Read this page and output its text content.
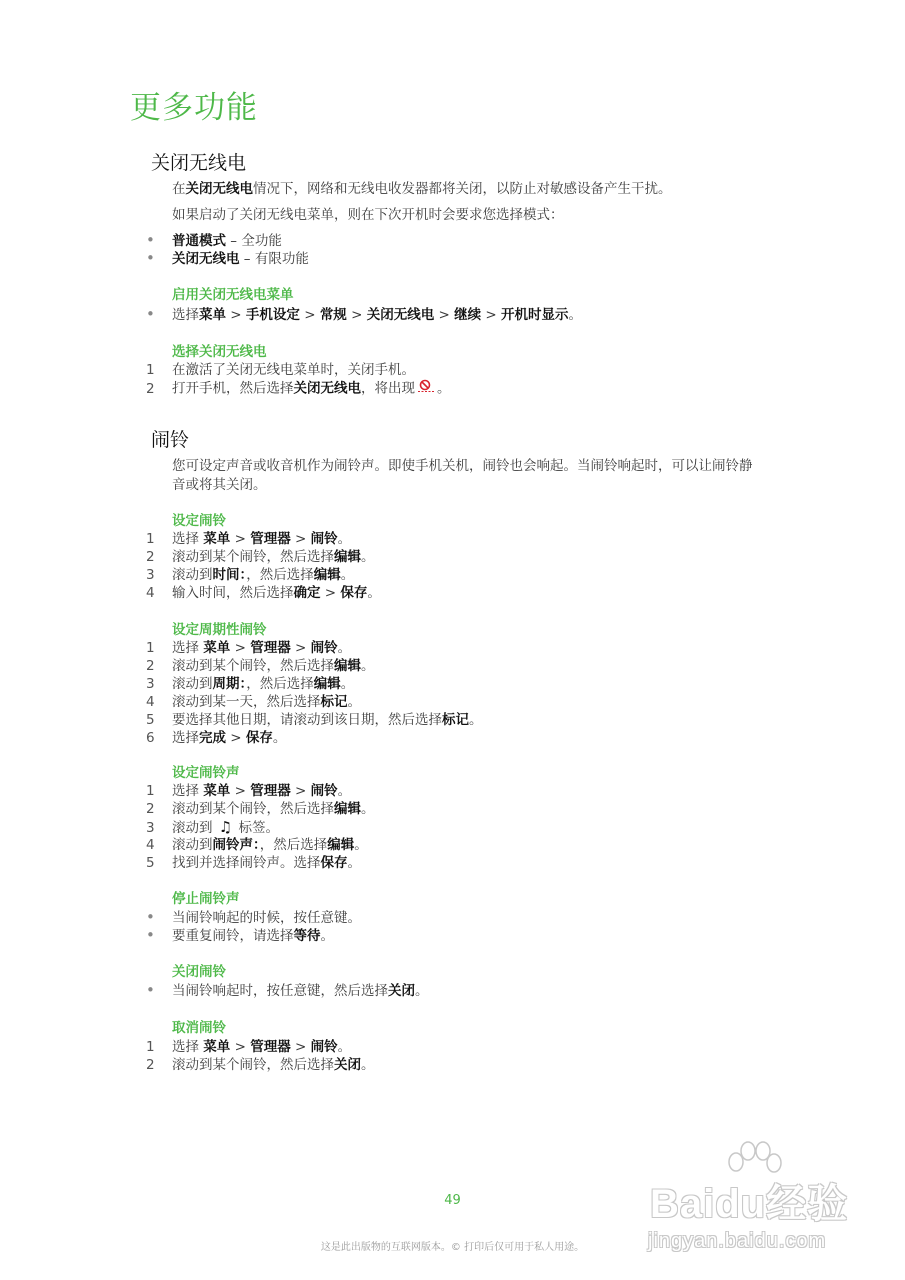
更多功能
关闭无线电

在关闭无线电情况下，网络和无线电收发器都将关闭，以防止对敏感设备产生干扰。

如果启动了关闭无线电菜单，则在下次开机时会要求您选择模式：

• 普通模式 – 全功能
• 关闭无线电 – 有限功能
启用关闭无线电菜单
• 选择菜单 > 手机设定 > 常规 > 关闭无线电 > 继续 > 开机时显示。
选择关闭无线电
1 在激活了关闭无线电菜单时，关闭手机。
2 打开手机，然后选择关闭无线电，将出现 。
闹铃

您可设定声音或收音机作为闹铃声。即使手机关机，闹铃也会响起。当闹铃响起时，可以让闹铃静音或将其关闭。

设定闹铃
1 选择 菜单 > 管理器 > 闹铃。
2 滚动到某个闹铃，然后选择编辑。
3 滚动到时间：，然后选择编辑。
4 输入时间，然后选择确定 > 保存。
设定周期性闹铃
1 选择 菜单 > 管理器 > 闹铃。
2 滚动到某个闹铃，然后选择编辑。
3 滚动到周期：，然后选择编辑。
4 滚动到某一天，然后选择标记。
5 要选择其他日期，请滚动到该日期，然后选择标记。
6 选择完成 > 保存。
设定闹铃声
1 选择 菜单 > 管理器 > 闹铃。
2 滚动到某个闹铃，然后选择编辑。
3 滚动到 ♫ 标签。
4 滚动到闹铃声：，然后选择编辑。
5 找到并选择闹铃声。选择保存。
停止闹铃声
• 当闹铃响起的时候，按任意键。
• 要重复闹铃，请选择等待。
关闭闹铃
• 当闹铃响起时，按任意键，然后选择关闭。
取消闹铃
1 选择 菜单 > 管理器 > 闹铃。
2 滚动到某个闹铃，然后选择关闭。
49
这是此出版物的互联网版本。© 打印后仅可用于私人用途。
Baidu经验
jingyan.baidu.com
